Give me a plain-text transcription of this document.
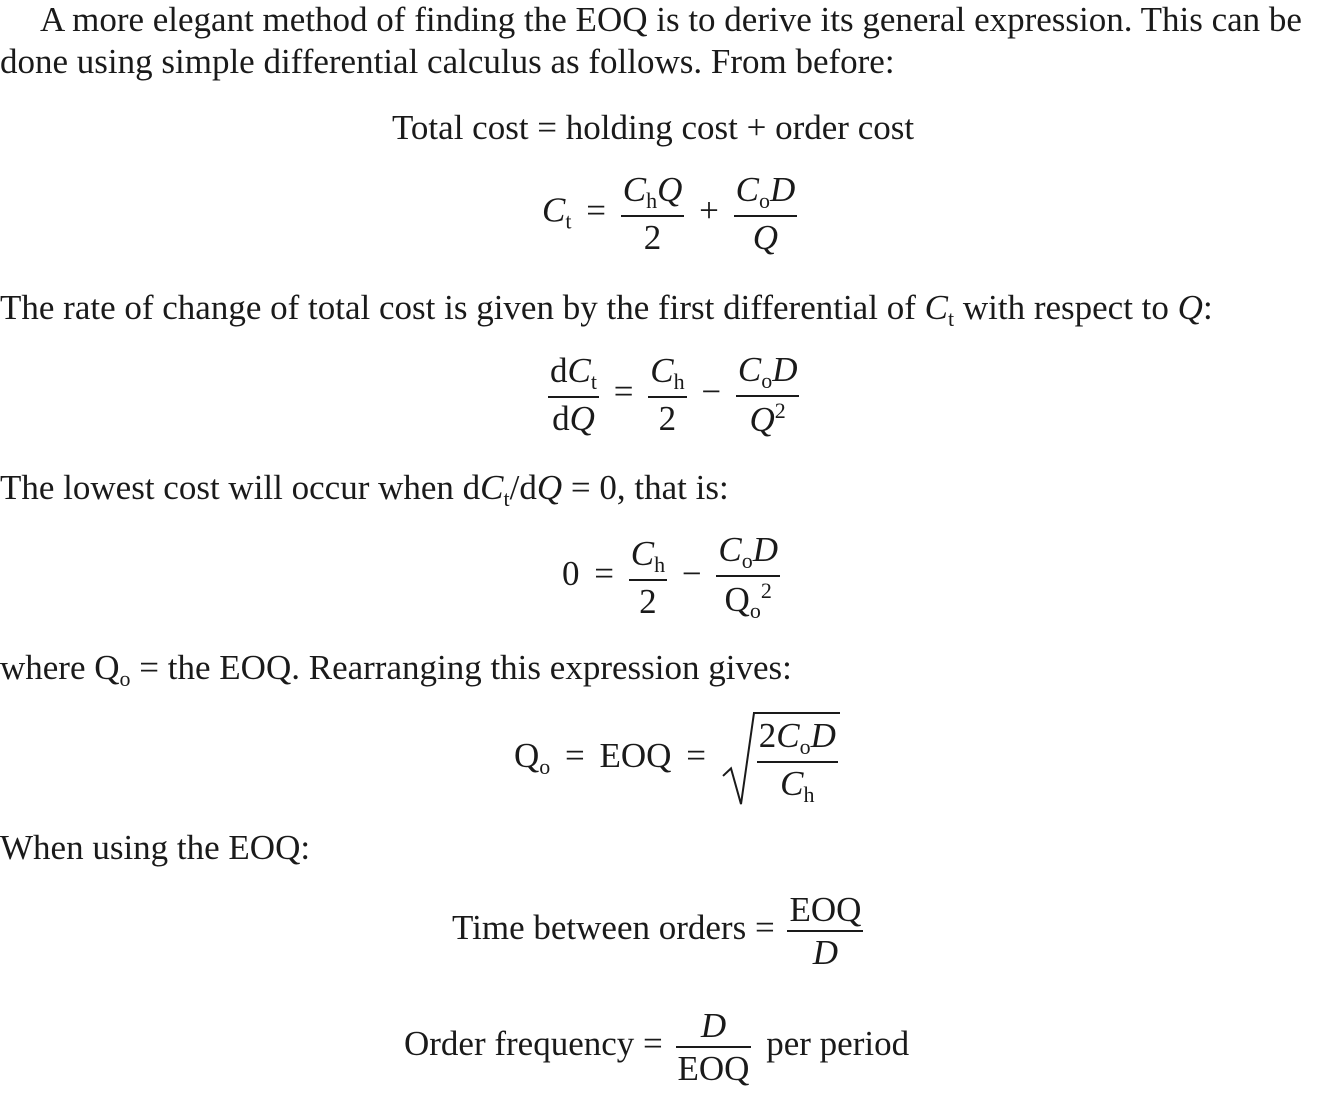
A more elegant method of finding the EOQ is to derive its general expression. This can be
done using simple differential calculus as follows. From before:
Total cost = holding cost + order cost
$C_t = \frac{C_hQ}{2} + \frac{C_oD}{Q}$
The rate of change of total cost is given by the first differential of $C_t$ with respect to Q:
$\frac{dC_t}{dQ} = \frac{C_h}{2} - \frac{C_oD}{Q^2}$
The lowest cost will occur when $dC_t/dQ = 0$, that is:
$0 = \frac{C_h}{2} - \frac{C_oD}{Q_o^2}$
where $Q_o$ = the EOQ. Rearranging this expression gives:
$Q_o$ = EOQ = $\frac{2C_oD}{C_h}$
When using the EOQ:
Time between orders = $\frac{\text{EOQ}}{D}$
Order frequency = $\frac{D}{\text{EOQ}}$ per period
